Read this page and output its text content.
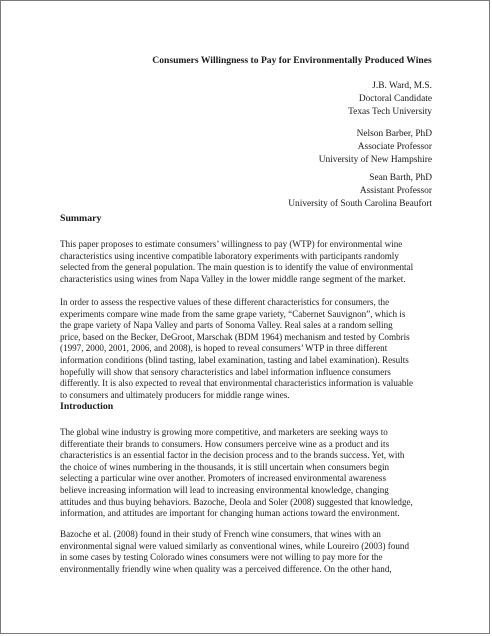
Consumers Willingness to Pay for Environmentally Produced Wines
J.B. Ward, M.S.
Doctoral Candidate
Texas Tech University
Nelson Barber, PhD
Associate Professor
University of New Hampshire
Sean Barth, PhD
Assistant Professor
University of South Carolina Beaufort
Summary

This paper proposes to estimate consumers’ willingness to pay (WTP) for environmental wine
characteristics using incentive compatible laboratory experiments with participants randomly
selected from the general population. The main question is to identify the value of environmental
characteristics using wines from Napa Valley in the lower middle range segment of the market.

In order to assess the respective values of these different characteristics for consumers, the
experiments compare wine made from the same grape variety, “Cabernet Sauvignon”, which is
the grape variety of Napa Valley and parts of Sonoma Valley. Real sales at a random selling
price, based on the Becker, DeGroot, Marschak (BDM 1964) mechanism and tested by Combris
(1997, 2000, 2001, 2006, and 2008), is hoped to reveal consumers’ WTP in three different
information conditions (blind tasting, label examination, tasting and label examination). Results
hopefully will show that sensory characteristics and label information influence consumers
differently. It is also expected to reveal that environmental characteristics information is valuable
to consumers and ultimately producers for middle range wines.

Introduction

The global wine industry is growing more competitive, and marketers are seeking ways to
differentiate their brands to consumers. How consumers perceive wine as a product and its
characteristics is an essential factor in the decision process and to the brands success. Yet, with
the choice of wines numbering in the thousands, it is still uncertain when consumers begin
selecting a particular wine over another. Promoters of increased environmental awareness
believe increasing information will lead to increasing environmental knowledge, changing
attitudes and thus buying behaviors. Bazoche, Deola and Soler (2008) suggested that knowledge,
information, and attitudes are important for changing human actions toward the environment.

Bazoche et al. (2008) found in their study of French wine consumers, that wines with an
environmental signal were valued similarly as conventional wines, while Loureiro (2003) found
in some cases by testing Colorado wines consumers were not willing to pay more for the
environmentally friendly wine when quality was a perceived difference. On the other hand,
